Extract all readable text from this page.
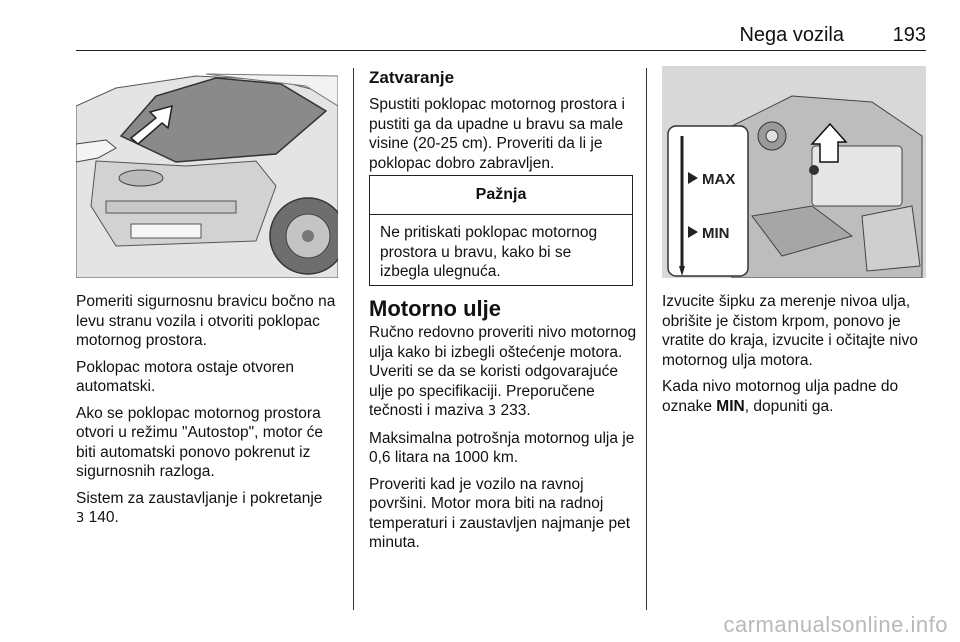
Nega vozila 193

Pomeriti sigurnosnu bravicu bočno na levu stranu vozila i otvoriti poklopac motornog prostora.

Poklopac motora ostaje otvoren automatski.

Ako se poklopac motornog prostora otvori u režimu "Autostop", motor će biti automatski ponovo pokrenut iz sigurnosnih razloga.

Sistem za zaustavljanje i pokretanje
3 140.

Zatvaranje

Spustiti poklopac motornog prostora i pustiti ga da upadne u bravu sa male visine (20-25 cm). Proveriti da li je poklopac dobro zabravljen.

Pažnja
Ne pritiskati poklopac motornog prostora u bravu, kako bi se izbegla ulegnuća.
Motorno ulje

Ručno redovno proveriti nivo motornog ulja kako bi izbegli oštećenje motora. Uveriti se da se koristi odgovarajuće ulje po specifikaciji. Preporučene tečnosti i maziva 3 233.

Maksimalna potrošnja motornog ulja je 0,6 litara na 1000 km.

Proveriti kad je vozilo na ravnoj površini. Motor mora biti na radnoj temperaturi i zaustavljen najmanje pet minuta.

MAX
MIN

Izvucite šipku za merenje nivoa ulja, obrišite je čistom krpom, ponovo je vratite do kraja, izvucite i očitajte nivo motornog ulja motora.

Kada nivo motornog ulja padne do oznake MIN, dopuniti ga.

carmanualsonline.info
